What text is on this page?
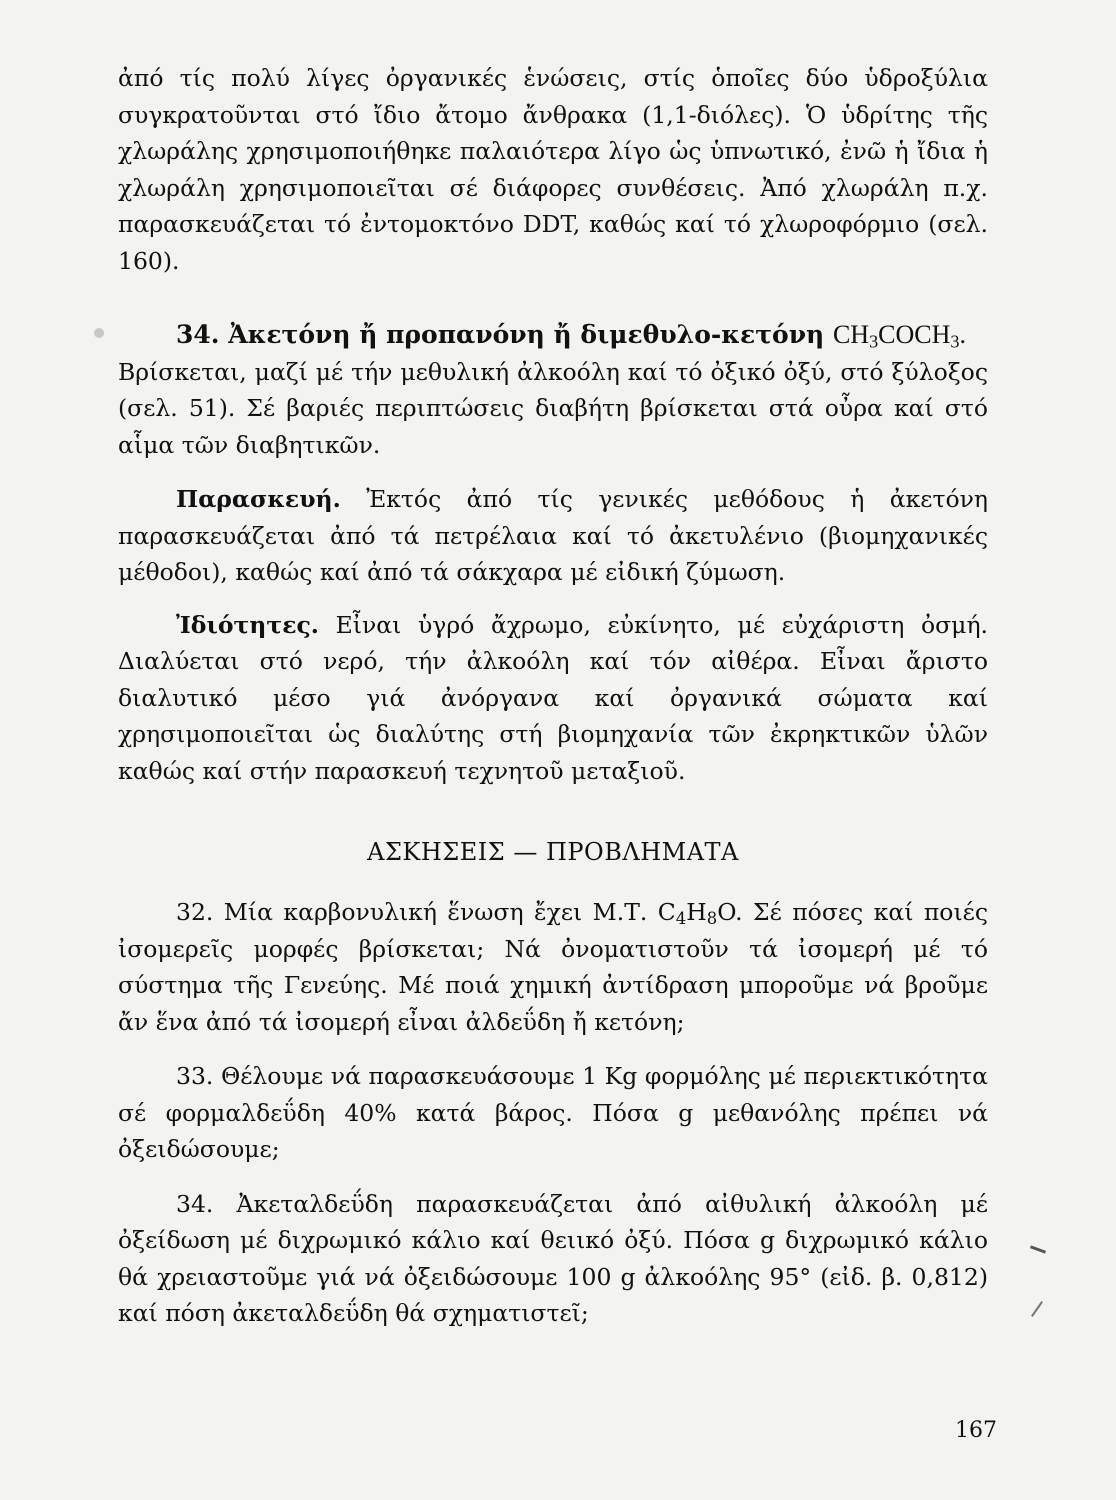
ἀπό τίς πολύ λίγες ὀργανικές ἑνώσεις, στίς ὁποῖες δύο ὑδροξύλια συγκρατοῦνται στό ἴδιο ἄτομο ἄνθρακα (1,1-διόλες). Ὁ ὑδρίτης τῆς χλωράλης χρησιμοποιήθηκε παλαιότερα λίγο ὡς ὑπνωτικό, ἐνῶ ἡ ἴδια ἡ χλωράλη χρησιμοποιεῖται σέ διάφορες συνθέσεις. Ἀπό χλωράλη π.χ. παρασκευάζεται τό ἐντομοκτόνο DDT, καθώς καί τό χλωροφόρμιο (σελ. 160).

34. Ἀκετόνη ἤ προπανόνη ἤ διμεθυλο-κετόνη $CH_3COCH_3$.
Βρίσκεται, μαζί μέ τήν μεθυλική ἀλκοόλη καί τό ὀξικό ὀξύ, στό ξύλοξος (σελ. 51). Σέ βαριές περιπτώσεις διαβήτη βρίσκεται στά οὖρα καί στό αἷμα τῶν διαβητικῶν.

Παρασκευή. Ἐκτός ἀπό τίς γενικές μεθόδους ἡ ἀκετόνη παρασκευάζεται ἀπό τά πετρέλαια καί τό ἀκετυλένιο (βιομηχανικές μέθοδοι), καθώς καί ἀπό τά σάκχαρα μέ εἰδική ζύμωση.

Ἰδιότητες. Εἶναι ὑγρό ἄχρωμο, εὐκίνητο, μέ εὐχάριστη ὀσμή. Διαλύεται στό νερό, τήν ἀλκοόλη καί τόν αἰθέρα. Εἶναι ἄριστο διαλυτικό μέσο γιά ἀνόργανα καί ὀργανικά σώματα καί χρησιμοποιεῖται ὡς διαλύτης στή βιομηχανία τῶν ἐκρηκτικῶν ὑλῶν καθώς καί στήν παρασκευή τεχνητοῦ μεταξιοῦ.

ΑΣΚΗΣΕΙΣ — ΠΡΟΒΛΗΜΑΤΑ

32. Μία καρβονυλική ἕνωση ἔχει Μ.Τ. $C_4H_8O$. Σέ πόσες καί ποιές ἰσομερεῖς μορφές βρίσκεται; Νά ὀνοματιστοῦν τά ἰσομερή μέ τό σύστημα τῆς Γενεύης. Μέ ποιά χημική ἀντίδραση μποροῦμε νά βροῦμε ἄν ἕνα ἀπό τά ἰσομερή εἶναι ἀλδεΰδη ἤ κετόνη;

33. Θέλουμε νά παρασκευάσουμε 1 Kg φορμόλης μέ περιεκτικότητα σέ φορμαλδεΰδη 40% κατά βάρος. Πόσα g μεθανόλης πρέπει νά ὀξειδώσουμε;

34. Ἀκεταλδεΰδη παρασκευάζεται ἀπό αἰθυλική ἀλκοόλη μέ ὀξείδωση μέ διχρωμικό κάλιο καί θειικό ὀξύ. Πόσα g διχρωμικό κάλιο θά χρειαστοῦμε γιά νά ὀξειδώσουμε 100 g ἀλκοόλης 95° (εἰδ. β. 0,812) καί πόση ἀκεταλδεΰδη θά σχηματιστεῖ;

167
